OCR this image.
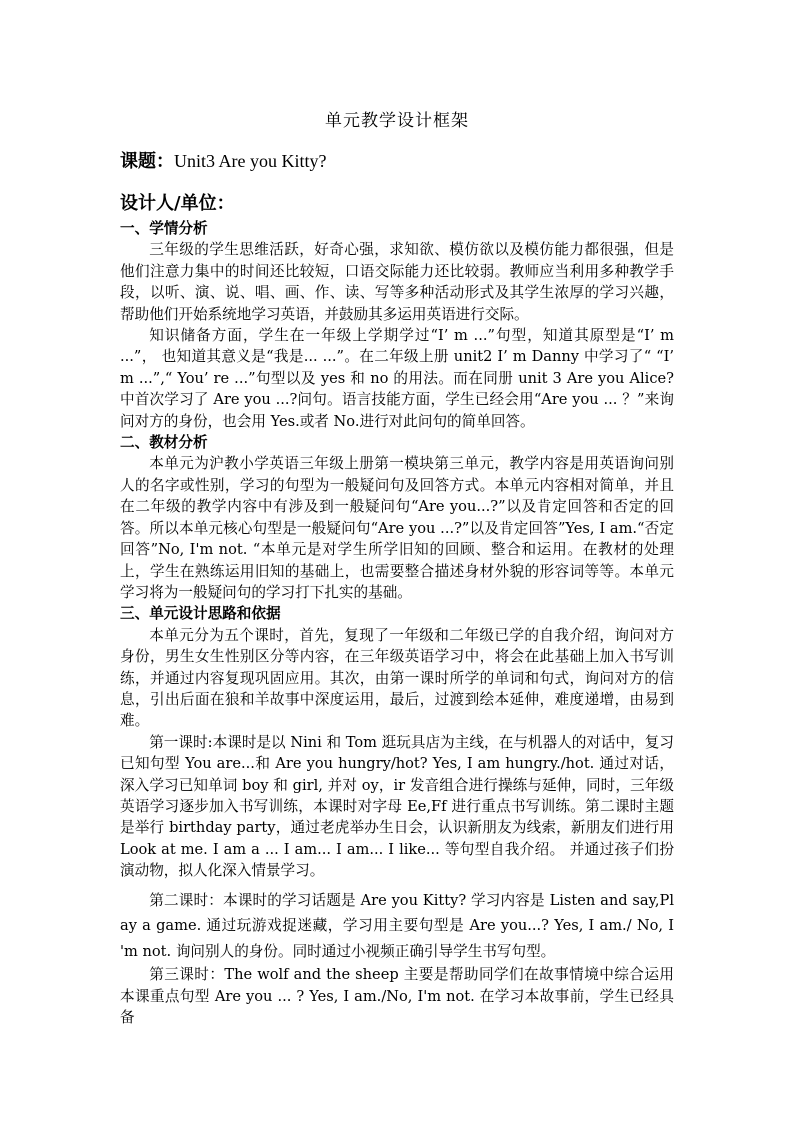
单元教学设计框架
课题：Unit3 Are you Kitty?
设计人/单位：
一、学情分析

三年级的学生思维活跃，好奇心强，求知欲、模仿欲以及模仿能力都很强，但是他们注意力集中的时间还比较短，口语交际能力还比较弱。教师应当利用多种教学手段，以听、演、说、唱、画、作、读、写等多种活动形式及其学生浓厚的学习兴趣，帮助他们开始系统地学习英语，并鼓励其多运用英语进行交际。

知识储备方面，学生在一年级上学期学过“I’ m ...”句型，知道其原型是“I’ m ...”， 也知道其意义是“我是... ...”。在二年级上册 unit2 I’ m Danny 中学习了“ “I’ m ...”,“ You’ re ...”句型以及 yes 和 no 的用法。而在同册 unit 3 Are you Alice? 中首次学习了 Are you ...?问句。语言技能方面，学生已经会用“Are you ... ？”来询问对方的身份，也会用 Yes.或者 No.进行对此问句的简单回答。

二、教材分析

本单元为沪教小学英语三年级上册第一模块第三单元，教学内容是用英语询问别人的名字或性别，学习的句型为一般疑问句及回答方式。本单元内容相对简单，并且在二年级的教学内容中有涉及到一般疑问句“Are you...?”以及肯定回答和否定的回答。所以本单元核心句型是一般疑问句“Are you ...?”以及肯定回答”Yes, I am.“否定回答”No, I'm not. “本单元是对学生所学旧知的回顾、整合和运用。在教材的处理上，学生在熟练运用旧知的基础上，也需要整合描述身材外貌的形容词等等。本单元学习将为一般疑问句的学习打下扎实的基础。

三、单元设计思路和依据

本单元分为五个课时，首先，复现了一年级和二年级已学的自我介绍，询问对方身份，男生女生性别区分等内容，在三年级英语学习中，将会在此基础上加入书写训练，并通过内容复现巩固应用。其次，由第一课时所学的单词和句式，询问对方的信息，引出后面在狼和羊故事中深度运用，最后，过渡到绘本延伸，难度递增，由易到难。

第一课时:本课时是以 Nini 和 Tom 逛玩具店为主线，在与机器人的对话中，复习已知句型 You are...和 Are you hungry/hot? Yes, I am hungry./hot. 通过对话，深入学习已知单词 boy 和 girl, 并对 oy，ir 发音组合进行操练与延伸，同时，三年级英语学习逐步加入书写训练，本课时对字母 Ee,Ff 进行重点书写训练。第二课时主题是举行 birthday party，通过老虎举办生日会，认识新朋友为线索，新朋友们进行用 Look at me. I am a ... I am... I am... I like... 等句型自我介绍。 并通过孩子们扮演动物，拟人化深入情景学习。

第二课时：本课时的学习话题是 Are you Kitty? 学习内容是 Listen and say,Play a game. 通过玩游戏捉迷藏，学习用主要句型是 Are you...? Yes, I am./ No, I 'm not. 询问别人的身份。同时通过小视频正确引导学生书写句型。

第三课时：The wolf and the sheep 主要是帮助同学们在故事情境中综合运用本课重点句型 Are you ... ? Yes, I am./No, I'm not. 在学习本故事前，学生已经具备
